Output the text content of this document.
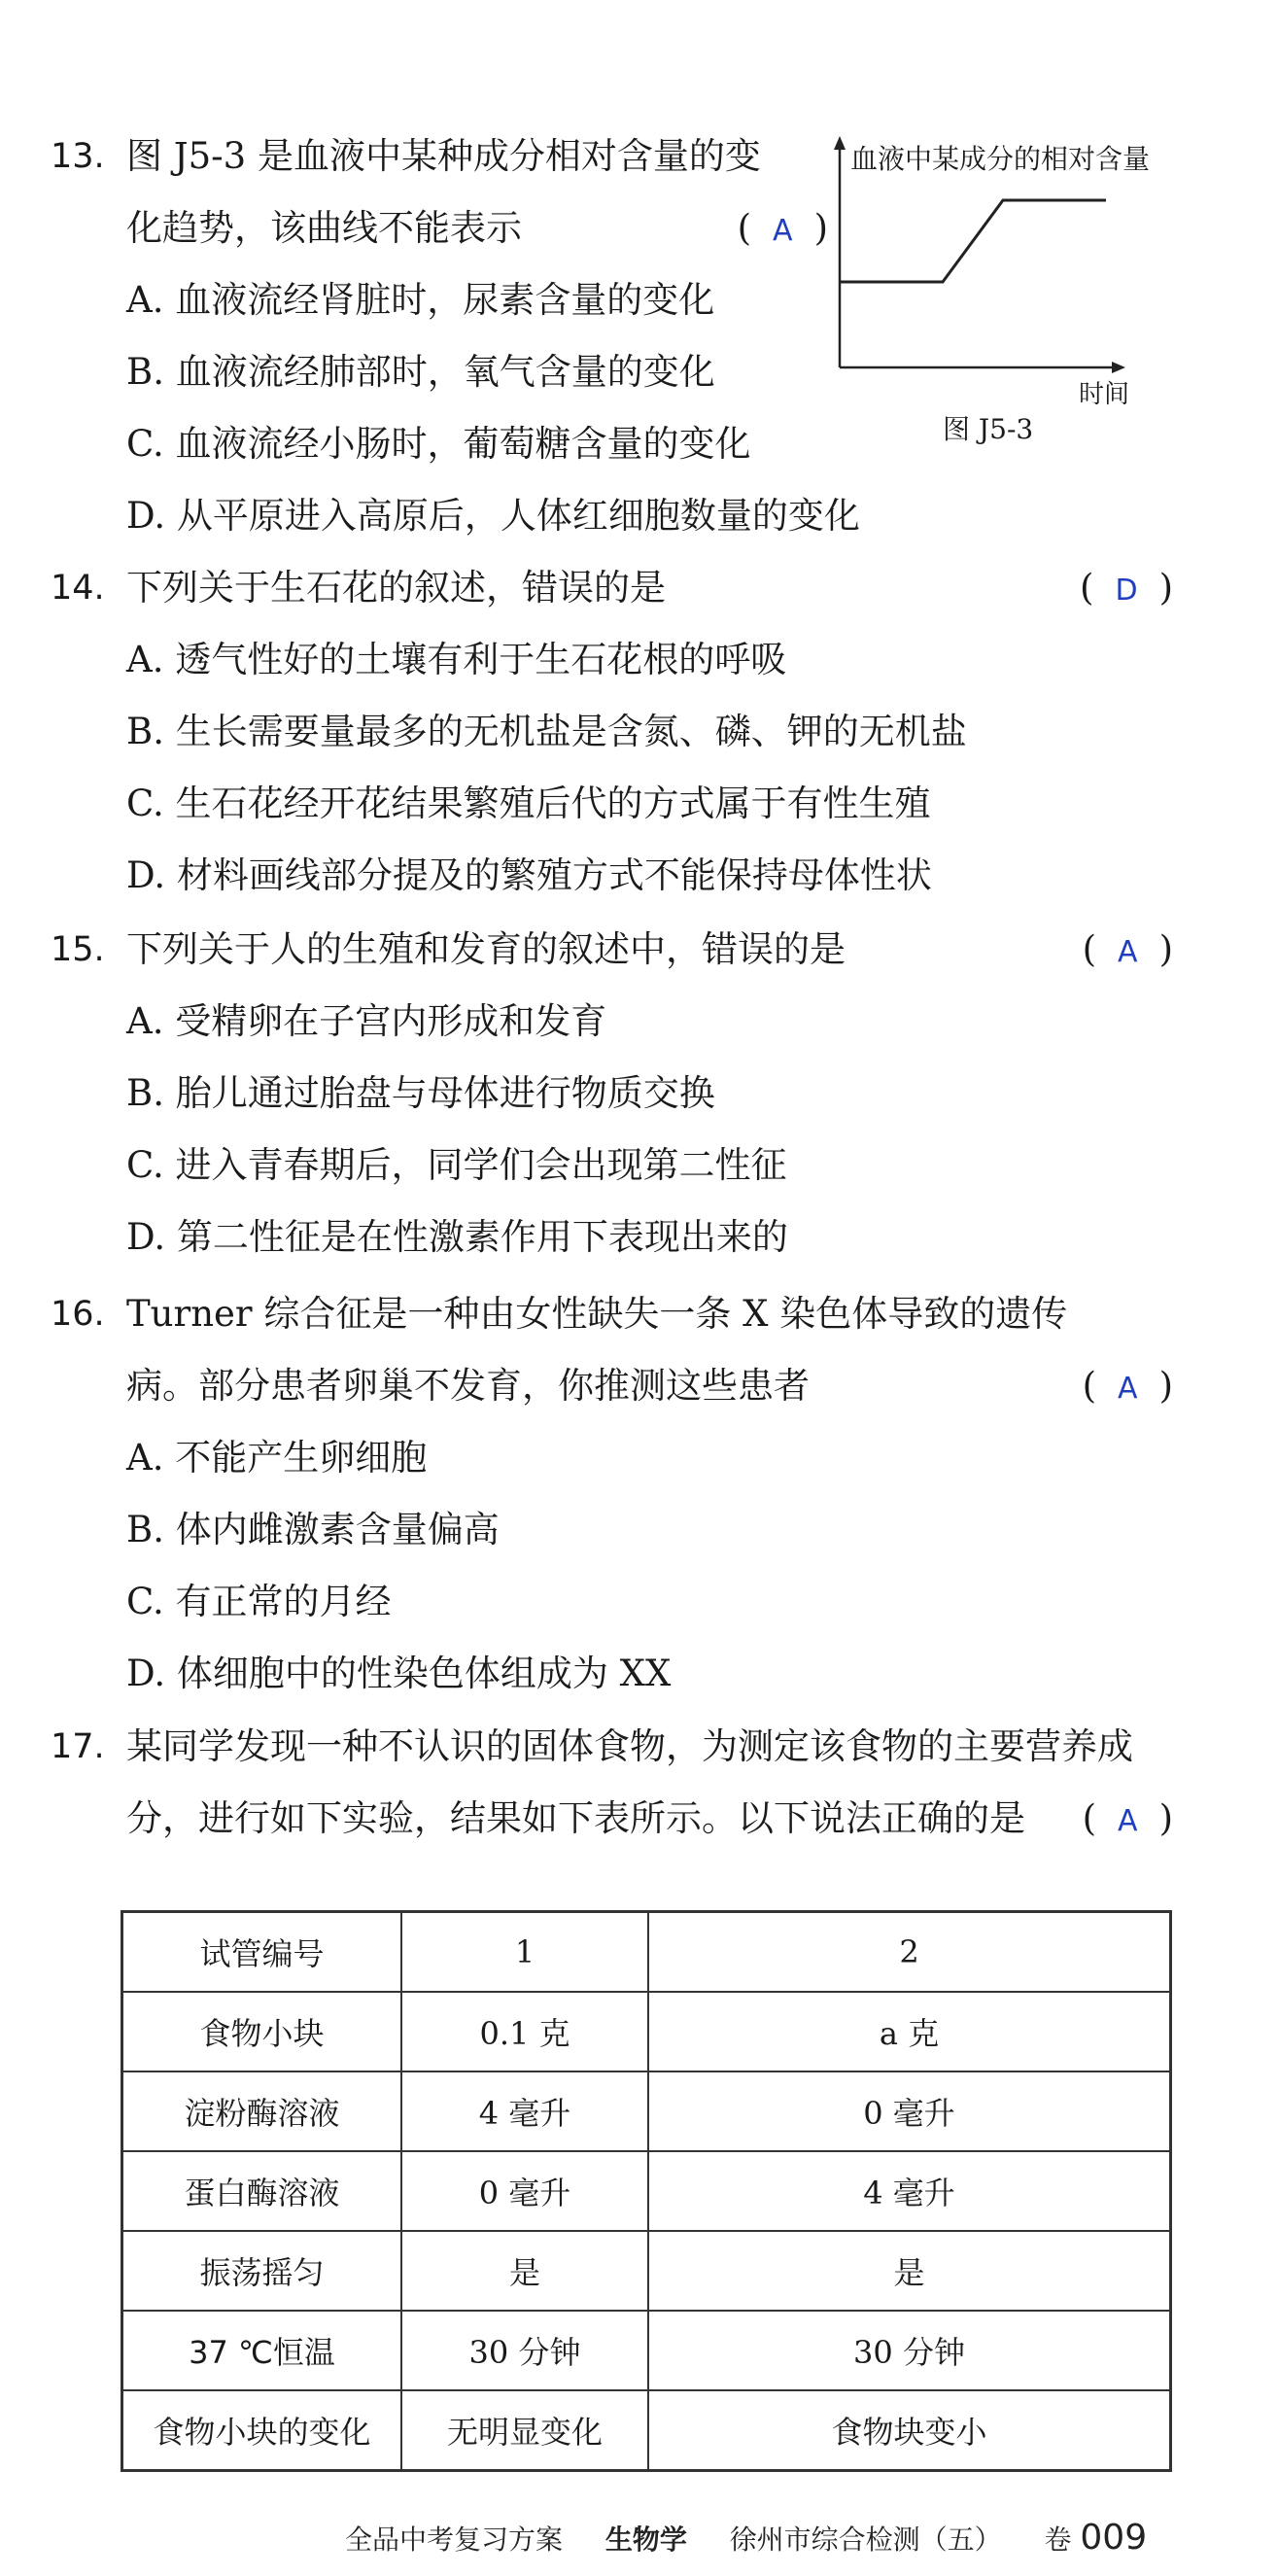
13. 图 J5-3 是血液中某种成分相对含量的变
化趋势，该曲线不能表示	( A )
A. 血液流经肾脏时，尿素含量的变化
B. 血液流经肺部时，氧气含量的变化
C. 血液流经小肠时，葡萄糖含量的变化
D. 从平原进入高原后，人体红细胞数量的变化
血液中某成分的相对含量
时间
图 J5-3
14. 下列关于生石花的叙述，错误的是	( D )
A. 透气性好的土壤有利于生石花根的呼吸
B. 生长需要量最多的无机盐是含氮、磷、钾的无机盐
C. 生石花经开花结果繁殖后代的方式属于有性生殖
D. 材料画线部分提及的繁殖方式不能保持母体性状
15. 下列关于人的生殖和发育的叙述中，错误的是	( A )
A. 受精卵在子宫内形成和发育
B. 胎儿通过胎盘与母体进行物质交换
C. 进入青春期后，同学们会出现第二性征
D. 第二性征是在性激素作用下表现出来的
16. Turner 综合征是一种由女性缺失一条 X 染色体导致的遗传
病。部分患者卵巢不发育，你推测这些患者	( A )
A. 不能产生卵细胞
B. 体内雌激素含量偏高
C. 有正常的月经
D. 体细胞中的性染色体组成为 XX
17. 某同学发现一种不认识的固体食物，为测定该食物的主要营养成
分，进行如下实验，结果如下表所示。以下说法正确的是 ( A )
试管编号	1	2
食物小块	0.1 克	a 克
淀粉酶溶液	4 毫升	0 毫升
蛋白酶溶液	0 毫升	4 毫升
振荡摇匀	是	是
37 ℃恒温	30 分钟	30 分钟
食物小块的变化	无明显变化	食物块变小
全品中考复习方案 生物学 徐州市综合检测（五） 卷 009
